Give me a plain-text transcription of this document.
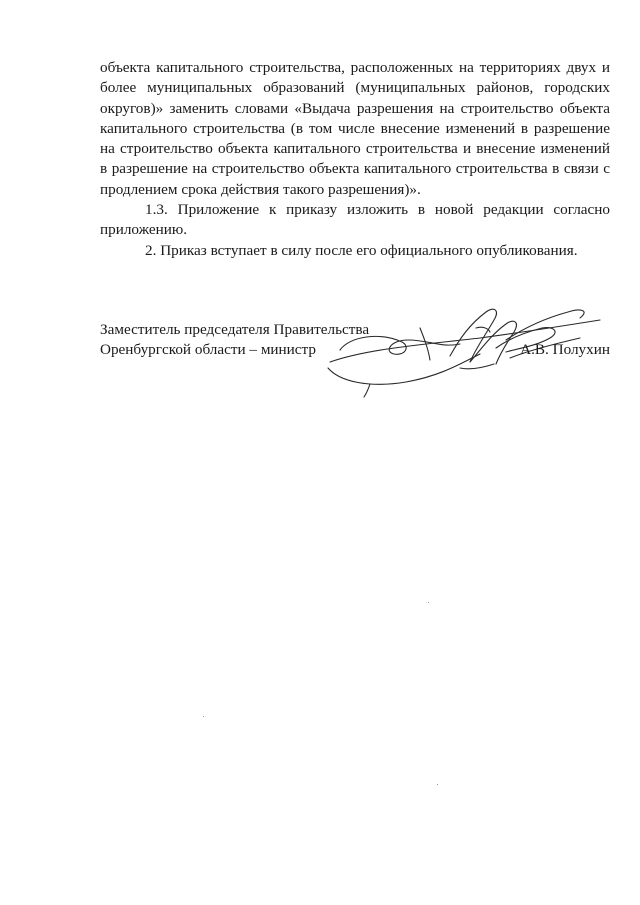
объекта капитального строительства, расположенных на территориях двух и более муниципальных образований (муниципальных районов, городских округов)» заменить словами «Выдача разрешения на строительство объекта капитального строительства (в том числе внесение изменений в разрешение на строительство объекта капитального строительства и внесение изменений в разрешение на строительство объекта капитального строительства в связи с продлением срока действия такого разрешения)».

1.3. Приложение к приказу изложить в новой редакции согласно приложению.

2. Приказ вступает в силу после его официального опубликования.

Заместитель председателя Правительства
Оренбургской области – министр	А.В. Полухин
